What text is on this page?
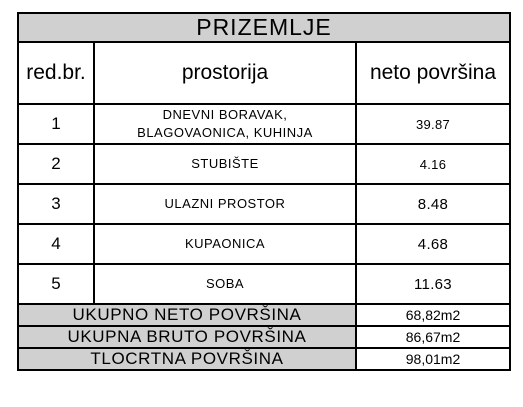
PRIZEMLJE		
red.br.	prostorija	neto površina
1	DNEVNI BORAVAK,
BLAGOVAONICA, KUHINJA	39.87
2	STUBIŠTE	4.16
3	ULAZNI PROSTOR	8.48
4	KUPAONICA	4.68
5	SOBA	11.63
UKUPNO NETO POVRŠINA		68,82m2
UKUPNA BRUTO POVRŠINA		86,67m2
TLOCRTNA POVRŠINA		98,01m2
